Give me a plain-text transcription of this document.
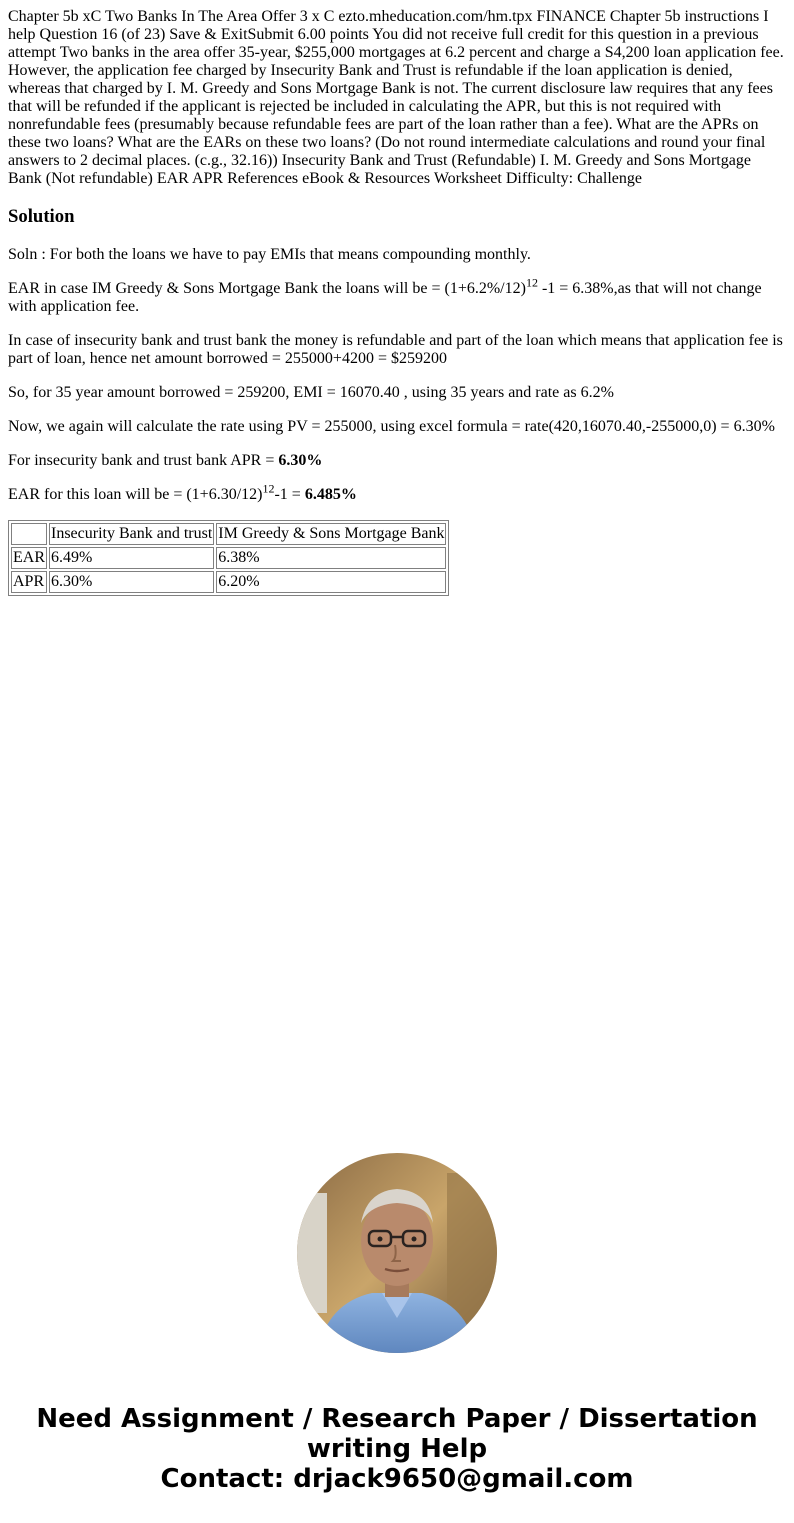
Chapter 5b xC Two Banks In The Area Offer 3 x C ezto.mheducation.com/hm.tpx FINANCE Chapter 5b instructions I help Question 16 (of 23) Save & ExitSubmit 6.00 points You did not receive full credit for this question in a previous attempt Two banks in the area offer 35-year, $255,000 mortgages at 6.2 percent and charge a S4,200 loan application fee. However, the application fee charged by Insecurity Bank and Trust is refundable if the loan application is denied, whereas that charged by I. M. Greedy and Sons Mortgage Bank is not. The current disclosure law requires that any fees that will be refunded if the applicant is rejected be included in calculating the APR, but this is not required with nonrefundable fees (presumably because refundable fees are part of the loan rather than a fee). What are the APRs on these two loans? What are the EARs on these two loans? (Do not round intermediate calculations and round your final answers to 2 decimal places. (c.g., 32.16)) Insecurity Bank and Trust (Refundable) I. M. Greedy and Sons Mortgage Bank (Not refundable) EAR APR References eBook & Resources Worksheet Difficulty: Challenge
Solution

Soln : For both the loans we have to pay EMIs that means compounding monthly.

EAR in case IM Greedy & Sons Mortgage Bank the loans will be = $(1+6.2\%/12)^{12}$ -1 = 6.38%,as that will not change with application fee.

In case of insecurity bank and trust bank the money is refundable and part of the loan which means that application fee is part of loan, hence net amount borrowed = 255000+4200 = $259200

So, for 35 year amount borrowed = 259200, EMI = 16070.40 , using 35 years and rate as 6.2%

Now, we again will calculate the rate using PV = 255000, using excel formula = rate(420,16070.40,-255000,0) = 6.30%

For insecurity bank and trust bank APR = 6.30%

EAR for this loan will be = $(1+6.30/12)^{12}-1 = 6.485\%$

	Insecurity Bank and trust	IM Greedy & Sons Mortgage Bank
EAR	6.49%	6.38%
APR	6.30%	6.20%
Need Assignment / Research Paper / Dissertation
writing Help
Contact: drjack9650@gmail.com
